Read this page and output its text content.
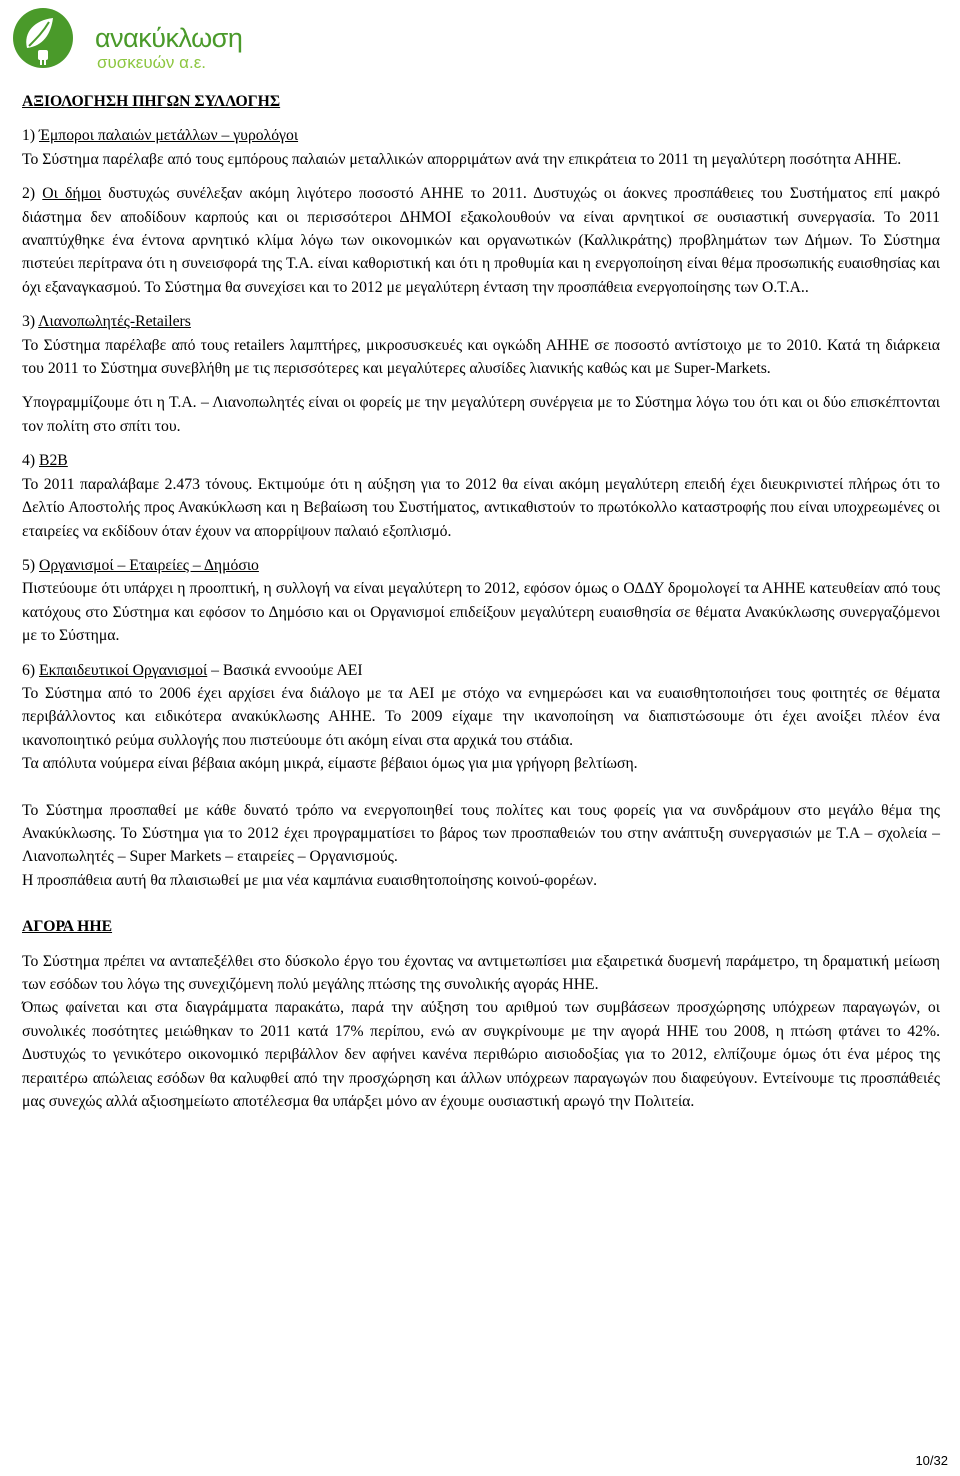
ανακύκλωση
συσκευών α.ε.

ΑΞΙΟΛΟΓΗΣΗ ΠΗΓΩΝ ΣΥΛΛΟΓΗΣ

1) Έμποροι παλαιών μετάλλων – γυρολόγοι

Το Σύστημα παρέλαβε από τους εμπόρους παλαιών μεταλλικών απορριμάτων ανά την επικράτεια το 2011 τη μεγαλύτερη ποσότητα ΑΗΗΕ.

2) Οι δήμοι δυστυχώς συνέλεξαν ακόμη λιγότερο ποσοστό ΑΗΗΕ το 2011. Δυστυχώς οι άοκνες προσπάθειες του Συστήματος επί μακρό διάστημα δεν αποδίδουν καρπούς και οι περισσότεροι ΔΗΜΟΙ εξακολουθούν να είναι αρνητικοί σε ουσιαστική συνεργασία. Το 2011 αναπτύχθηκε ένα έντονα αρνητικό κλίμα λόγω των οικονομικών και οργανωτικών (Καλλικράτης) προβλημάτων των Δήμων. Το Σύστημα πιστεύει περίτρανα ότι η συνεισφορά της Τ.Α. είναι καθοριστική και ότι η προθυμία και η ενεργοποίηση είναι θέμα προσωπικής ευαισθησίας και όχι εξαναγκασμού. Το Σύστημα θα συνεχίσει και το 2012 με μεγαλύτερη ένταση την προσπάθεια ενεργοποίησης των Ο.Τ.Α..

3) Λιανοπωλητές-Retailers

Το Σύστημα παρέλαβε από τους retailers λαμπτήρες, μικροσυσκευές και ογκώδη ΑΗΗΕ σε ποσοστό αντίστοιχο με το 2010. Κατά τη διάρκεια του 2011 το Σύστημα συνεβλήθη με τις περισσότερες και μεγαλύτερες αλυσίδες λιανικής καθώς και με Super-Markets.

Υπογραμμίζουμε ότι η Τ.Α. – Λιανοπωλητές είναι οι φορείς με την μεγαλύτερη συνέργεια με το Σύστημα λόγω του ότι και οι δύο επισκέπτονται τον πολίτη στο σπίτι του.

4) B2B

Το 2011 παραλάβαμε 2.473 τόνους. Εκτιμούμε ότι η αύξηση για το 2012 θα είναι ακόμη μεγαλύτερη επειδή έχει διευκρινιστεί πλήρως ότι το Δελτίο Αποστολής προς Ανακύκλωση και η Βεβαίωση του Συστήματος, αντικαθιστούν το πρωτόκολλο καταστροφής που είναι υποχρεωμένες οι εταιρείες να εκδίδουν όταν έχουν να απορρίψουν παλαιό εξοπλισμό.

5) Οργανισμοί – Εταιρείες – Δημόσιο

Πιστεύουμε ότι υπάρχει η προοπτική, η συλλογή να είναι μεγαλύτερη το 2012, εφόσον όμως ο ΟΔΔΥ δρομολογεί τα ΑΗΗΕ κατευθείαν από τους κατόχους στο Σύστημα και εφόσον το Δημόσιο και οι Οργανισμοί επιδείξουν μεγαλύτερη ευαισθησία σε θέματα Ανακύκλωσης συνεργαζόμενοι με το Σύστημα.

6) Εκπαιδευτικοί Οργανισμοί – Βασικά εννοούμε ΑΕΙ

Το Σύστημα από το 2006 έχει αρχίσει ένα διάλογο με τα ΑΕΙ με στόχο να ενημερώσει και να ευαισθητοποιήσει τους φοιτητές σε θέματα περιβάλλοντος και ειδικότερα ανακύκλωσης ΑΗΗΕ. Το 2009 είχαμε την ικανοποίηση να διαπιστώσουμε ότι έχει ανοίξει πλέον ένα ικανοποιητικό ρεύμα συλλογής που πιστεύουμε ότι ακόμη είναι στα αρχικά του στάδια.

Τα απόλυτα νούμερα είναι βέβαια ακόμη μικρά, είμαστε βέβαιοι όμως για μια γρήγορη βελτίωση.

Το Σύστημα προσπαθεί με κάθε δυνατό τρόπο να ενεργοποιηθεί τους πολίτες και τους φορείς για να συνδράμουν στο μεγάλο θέμα της Ανακύκλωσης. Το Σύστημα για το 2012 έχει προγραμματίσει το βάρος των προσπαθειών του στην ανάπτυξη συνεργασιών με Τ.Α – σχολεία – Λιανοπωλητές – Super Markets – εταιρείες – Οργανισμούς.

Η προσπάθεια αυτή θα πλαισιωθεί με μια νέα καμπάνια ευαισθητοποίησης κοινού-φορέων.

ΑΓΟΡΑ ΗΗΕ

Το Σύστημα πρέπει να ανταπεξέλθει στο δύσκολο έργο του έχοντας να αντιμετωπίσει μια εξαιρετικά δυσμενή παράμετρο, τη δραματική μείωση των εσόδων του λόγω της συνεχιζόμενη πολύ μεγάλης πτώσης της συνολικής αγοράς ΗΗΕ.

Όπως φαίνεται και στα διαγράμματα παρακάτω, παρά την αύξηση του αριθμού των συμβάσεων προσχώρησης υπόχρεων παραγωγών, οι συνολικές ποσότητες μειώθηκαν το 2011 κατά 17% περίπου, ενώ αν συγκρίνουμε με την αγορά ΗΗΕ του 2008, η πτώση φτάνει το 42%. Δυστυχώς το γενικότερο οικονομικό περιβάλλον δεν αφήνει κανένα περιθώριο αισιοδοξίας για το 2012, ελπίζουμε όμως ότι ένα μέρος της περαιτέρω απώλειας εσόδων θα καλυφθεί από την προσχώρηση και άλλων υπόχρεων παραγωγών που διαφεύγουν. Εντείνουμε τις προσπάθειές μας συνεχώς αλλά αξιοσημείωτο αποτέλεσμα θα υπάρξει μόνο αν έχουμε ουσιαστική αρωγό την Πολιτεία.

10/32
